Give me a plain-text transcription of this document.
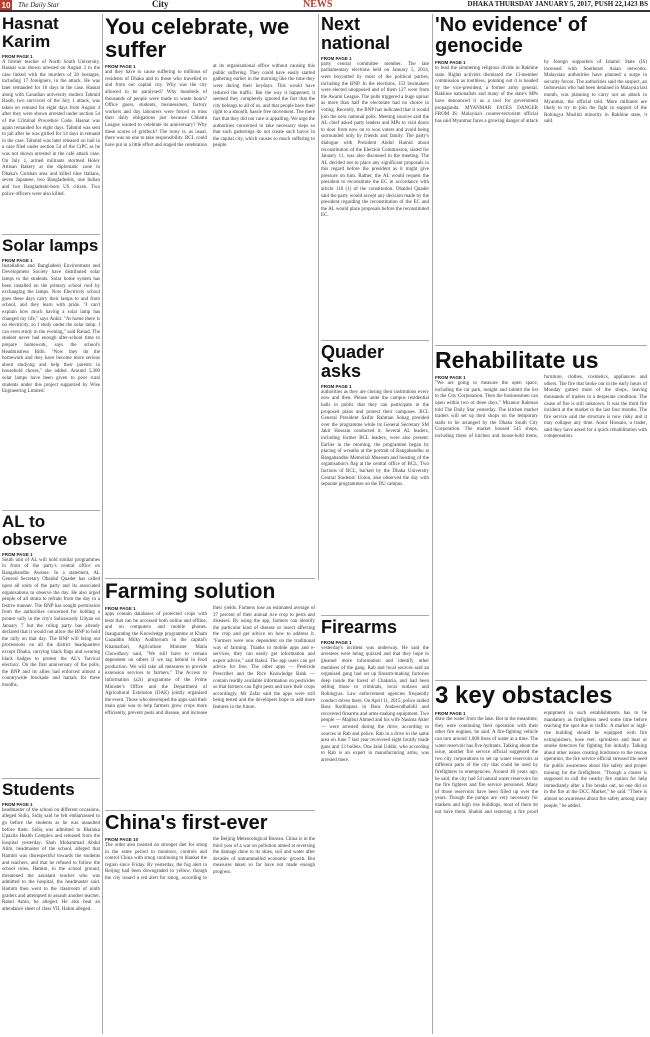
10 The Daily Star	City	NEWS	DHAKA THURSDAY JANUARY 5, 2017, PUSH 22,1423 BS
Hasnat Karim
FROM PAGE 1
A former teacher of North South University, Hasnat was shown arrested on August 3 in the case linked with the murders of 20 hostages, including 17 foreigners, in the attack. He was later remanded for 16 days in the case. Hasnat along with Canadian university student Tahmid Hasib, two survivors of the July 1 attack, was taken on remand for eight days from August 4 after they were shown arrested under section 54 of the Criminal Procedure Code. Hasnat was again remanded for eight days. Tahmid was sent to jail after he was grilled for 14 days in remand in the case. Tahmid was later released on bail in a case filed under section 54 of the CrPC as he was not shown arrested in the café attack case. On July 1, armed militants stormed Holey Artisan Bakery at the diplomatic zone in Dhaka's Gulshan area and killed nine Italians, seven Japanese, two Bangladeshis, one Indian and two Bangladeshi-born US citizen. Two police officers were also killed.
Solar lamps
FROM PAGE 1
Installation and Bangladesh Environment and Development Society have distributed solar lamps to the students. Solar home system has been installed on the primary school roof by exchanging the lamps. Now Electricity school goes these days carry their lamps to and from school, and they learn with pride. "I can't explain how much having a solar lamp has changed my life," says Ankit. "At home there is no electricity, so I study under the solar lamp. I can even study in the evening," said Rahad. The student never had enough after-school time to prepare homework, says the school's Headmistress Bithi. "Now they do the homework and they have become more serious about studying and help their parents in household chores," she added. Around 5,300 solar lamps have been given to poor rural students under this project supported by Wise Engineering Limited.
AL to observe
FROM PAGE 1
South unit of AL will hold similar programmes in front of the party's central office on Bangabandhu Avenue. In a statement, AL General Secretary Obaidul Quader has called upon all units of the party and its associated organisations to observe the day. He also urged people of all strata to refrain from the day in a festive manner. The BNP has sought permission from the authorities concerned for holding a protest rally in the city's Suhrawardy Udyan on January 7 but the ruling party has already declared that it would not allow the BNP to hold the rally on that day. The BNP will bring out processions on all the district headquarters except Dhaka, carrying black flags and wearing black badges to protest the AL's 'farcical election'. On the first anniversary of the polls, the BNP and its allies had enforced almost a countrywide blockade and hartals for three months.
Students
FROM PAGE 1
headmaster of the school on different occasions, alleged Sidiq. Sidiq said he felt embarrassed to go before the students as he was assaulted before them. Sidiq was admitted to Bhaluka Upazila Health Complex and released from the hospital yesterday. Shah Mohammad Abdul Alim, headmaster of the school, alleged that Hamim was disrespectful towards the students and teachers, and that he refused to follow the school rules. Hamim, in the school ground, threatened the assistant teacher who was admitted to the hospital, the headmaster said. Hamim then went to the classroom of ninth graders and attempted to assault another teacher, Rahul Amin, he alleged. He also beat an attendance sheet of class VII, Halim alleged.
You celebrate, we suffer
FROM PAGE 1
and they have to cause suffering to millions of residents of Dhaka and to those who travelled to and from our capital city. Why was the city allowed to be paralysed? Why hundreds of thousands of people were made to waste hours? Office goers, students, businessmen, factory workers and day labourers were forced to miss their daily obligations just because Chhatra League wanted to celebrate its anniversary? Why these scores of gridlock? The irony is, as usual, there was no one to take responsibility. BCL could have put in a little effort and staged the celebration at its organisational office without causing this public suffering. They could have easily started gathering earlier in the morning like the time they were during their heydays. This would have reduced the traffic. But the way it happened, it seemed they completely ignored the fact that the city belongs to all of us, and that people have their right to a smooth, hassle free movement. The mere fact that they did not care is appalling. We urge the authorities concerned to take necessary steps so that such gatherings do not create such havoc in the capital city, which causes so much suffering to people.
Farming solution
FROM PAGE 1
apps contain databases of protected crops with tests that can be accessed both online and offline, and on computers and mobile phones. Inaugurating the Knowledge programme at Kham Gazaddin Milky Auditorium in the capital's Khamarbari, Agriculture Minister Matia Chowdhury said, "We still have to remain dependent on others if we lag behind in food production. We will take all measures to provide extension services to farmers." The Access to Information (a2i) programme of the Prime Minister's Office and the Department of Agricultural Extension (DAE) jointly organised the event. Those who developed the apps said their main goal was to help farmers grow crops more efficiently, prevent pests and disease, and increase their yields. Farmers lose an estimated average of 37 percent of their annual rice crop to pests and diseases. By using the app, farmers can identify the particular kind of disease or insect affecting the crop and get advice on how to address it. "Farmers were now dependent on the traditional way of farming. Thanks to mobile apps and e-services, they can easily get information and expert advice," said Bakul. The app users can get advice for free. The other apps — Pesticide Prescriber and the Rice Knowledge Bank — contain readily available information on pesticides so that farmers can fight pests and save their crops accordingly. Mr Zafar said the apps were still being tested and the developers hope to add more features in the future.
China's first-ever
FROM PAGE 10
The order also insisted on stronger diet for smog in the same period to monitors, controls and control China with smog continuing to blanket the region since Friday. By yesterday, the fog alert in Beijing had been downgraded to yellow, though the city issued a red alert for smog, according to the Beijing Meteorological Bureau. China is in the third year of a war on pollution aimed at reversing the damage done to its skies, soil and water after decades of untrammelled economic growth. But measures taken so far have not made enough progress.
Next national
FROM PAGE 1
party central committee member. The late parliamentary elections held on January 5, 2014, were boycotted by most of the political parties, including the BNP. In the elections, 153 lawmakers were elected unopposed and of them 127 were from the Awami League. The polls triggered a huge uproar as more than half the electorate had no choice in voting. Recently, the BNP has indicated that it would join the next national polls. Meeting sources said the AL chief asked party leaders and MPs to visit doors to door from now on to woo voters and avoid being surrounded only by friends and family. The party's dialogue with President Abdul Hamid about reconstitution of the Election Commission, slated for January 11, was also discussed in the meeting. The AL decided not to place any significant proposals in this regard before the president as it might give pressure on him. Rather, the AL would request the president to reconstitute the EC in accordance with article 118 (1) of the constitution. Obaidul Quader said the party would accept any decision made by the president regarding the reconstitution of the EC and the AL would place proposals before the reconstituted EC.
Quader asks
FROM PAGE 1
authorities as they are closing their institutions every now and then. Please unite the campus residential halls in public that they can participate in the proposed plans and protect their campuses. BCL General President Saifur Rahman Sohag presided over the programme while its General Secretary SM Jakir Hossain conducted it. Several AL leaders, including former BCL leaders, were also present. Earlier in the morning, the programme began by placing of wreaths at the portrait of Bangabandhu at Bangabandhu Memorial Museum and hoisting of the organisation's flag at the central office of BCL. Two factions of BCL, backed by the Dhaka University Central Students' Union, also observed the day with separate programmes on the DU campus.
Firearms
FROM PAGE 1
yesterday's incident was underway. He said the arrestees were being quizzed and that they hope to gleaned more information and identify other members of the gang. Rab and local sources said an organised gang had set up firearm-making factories deep inside the forest of Chakaria, and had been selling those to criminals, local outlaws and Rohingyas. Law enforcement agencies frequently conduct drives there. On April 11, 2015, police raided Bara Kodilapara in Bara Andawndhalidil and recovered firearms and arms-making equipment. Two people — Majibul Ahmed and his wife Nasima Akter — were arrested during the drive, according to sources in Rab and police. Rab in a drive in the same area on June 7 last year recovered eight locally made guns and 13 bullets. One Jalal Uddin, who according to Rab is an expert in manufacturing arms, was arrested there.
'No evidence' of genocide
FROM PAGE 1
to lead the simmering religious divide in Rakhine state. Rights activists dismissed the 13-member commission as toothless, pointing out it is headed by the vice-president, a former army general. Rakhine nationalists and many of the state's MPs have denounced it as a tool for government propaganda. MYANMAR FACES DANGER FROM IS: Malaysia's counter-terrorism official has said Myanmar faces a growing danger of attack by foreign supporters of Islamic State (IS) incensed with Southeast Asian networks. Malaysian authorities have planned a surge in security forces. The authorities said the suspect, an Indonesian who had been detained in Malaysia last month, was planning to carry out an attack in Myanmar, the official told. More militants are likely to try to join the fight in support of the Rohingya Muslim minority in Rakhine state, it said.
Rehabilitate us
FROM PAGE 1
"We are going to measure the open space, including the car park, tonight and submit the list to the City Corporation. Then the businessmen can open within two or three days," Mizanur Rahman told The Daily Star yesterday. The kitchen market traders will set up their shops on the temporary stalls to be arranged by the Dhaka South City Corporation. The market housed 545 shops, including those of kitchen and house-hold items, furniture, clothes, cosmetics, appliances and others. The fire that broke out in the early hours of Monday gutted most of the shops, leaving thousands of traders in a desperate condition. The cause of fire is still unknown. It was the third fire incident at the market in the last four months. The fire service said the structure is now risky and it may collapse any time. Aouir Hossain, a trader, said they have asked for a quick rehabilitation with compensation.
3 key obstacles
FROM PAGE 1
draw the water from the lake. But in the meantime, they were continuing their operation with their other fire engines, he said. A fire-fighting vehicle can turn around 1,000 litres of water at a time. The water reservoir has five hydrants. Talking about the issue, another fire service official suggested the two city corporations to set up water reservoirs at different parts of the city that could be used by firefighters in emergencies. Around 40 years ago, he said, the city had 54 natural water reservoirs for the fire fighters and fire service personnel. Many of those reservoirs have been filled up over the years. Though the pumps are very necessary for markets and high rise buildings, most of them do not have them. Shahid and restoring a fire proof equipment in such establishments has to be mandatory as firefighters need some time before reaching the spot due to traffic. A market or high-rise building should be equipped with fire extinguishers, hose reel, sprinklers and heat or smoke detectors for fighting fire initially. Talking about other issues creating hindrance to the rescue operation, the fire service official stressed the need for public awareness about fire safety and proper training for the firefighters. "Though a cluster is supposed to call the nearby fire station for help immediately after a fire breaks out, no one did so in the fire at the DCC Market," he said. "There is almost no awareness about fire safety among many people," he added.
